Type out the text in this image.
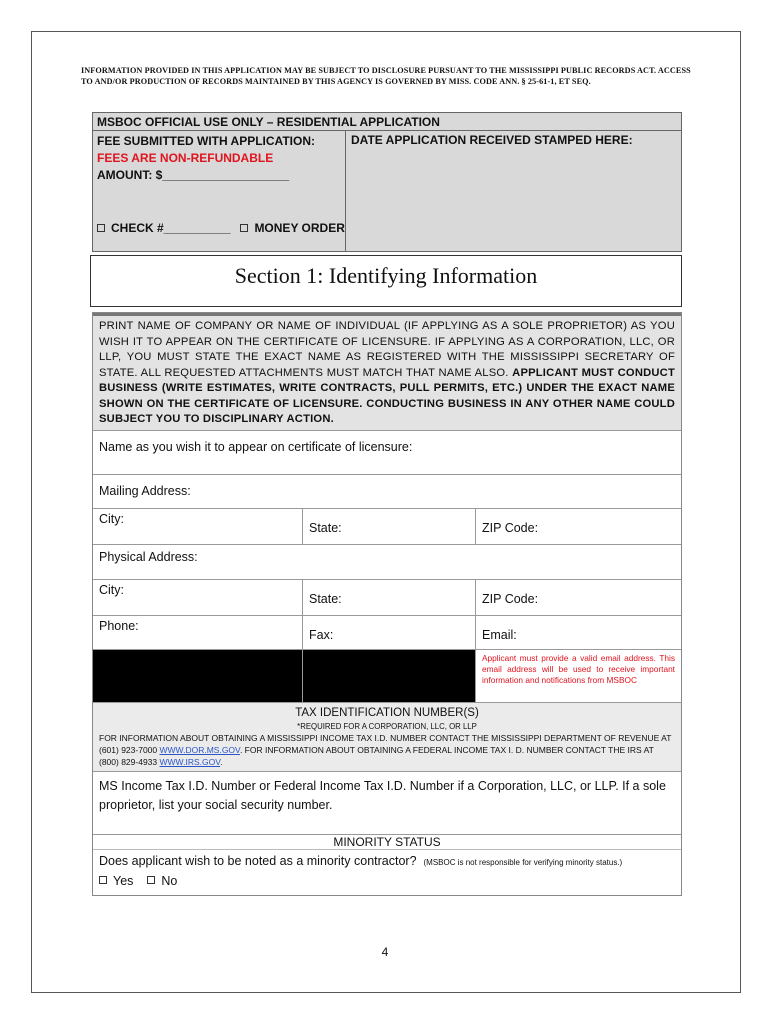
INFORMATION PROVIDED IN THIS APPLICATION MAY BE SUBJECT TO DISCLOSURE PURSUANT TO THE MISSISSIPPI PUBLIC RECORDS ACT. ACCESS TO AND/OR PRODUCTION OF RECORDS MAINTAINED BY THIS AGENCY IS GOVERNED BY MISS. CODE ANN. § 25-61-1, ET SEQ.
MSBOC OFFICIAL USE ONLY – RESIDENTIAL APPLICATION
FEE SUBMITTED WITH APPLICATION:
FEES ARE NON-REFUNDABLE
AMOUNT: $___________________
CHECK #__________ MONEY ORDER
DATE APPLICATION RECEIVED STAMPED HERE:
Section 1: Identifying Information
PRINT NAME OF COMPANY OR NAME OF INDIVIDUAL (IF APPLYING AS A SOLE PROPRIETOR) AS YOU WISH IT TO APPEAR ON THE CERTIFICATE OF LICENSURE. IF APPLYING AS A CORPORATION, LLC, OR LLP, YOU MUST STATE THE EXACT NAME AS REGISTERED WITH THE MISSISSIPPI SECRETARY OF STATE. ALL REQUESTED ATTACHMENTS MUST MATCH THAT NAME ALSO. APPLICANT MUST CONDUCT BUSINESS (WRITE ESTIMATES, WRITE CONTRACTS, PULL PERMITS, ETC.) UNDER THE EXACT NAME SHOWN ON THE CERTIFICATE OF LICENSURE. CONDUCTING BUSINESS IN ANY OTHER NAME COULD SUBJECT YOU TO DISCIPLINARY ACTION.
Name as you wish it to appear on certificate of licensure:
Mailing Address:
City:
State:	ZIP Code:
Physical Address:
City:
State:	ZIP Code:
Phone:
Fax:	Email:
Applicant must provide a valid email address. This email address will be used to receive important information and notifications from MSBOC
TAX IDENTIFICATION NUMBER(S)
*REQUIRED FOR A CORPORATION, LLC, OR LLP
FOR INFORMATION ABOUT OBTAINING A MISSISSIPPI INCOME TAX I.D. NUMBER CONTACT THE MISSISSIPPI DEPARTMENT OF REVENUE AT (601) 923-7000 WWW.DOR.MS.GOV. FOR INFORMATION ABOUT OBTAINING A FEDERAL INCOME TAX I. D. NUMBER CONTACT THE IRS AT (800) 829-4933 WWW.IRS.GOV.
MS Income Tax I.D. Number or Federal Income Tax I.D. Number if a Corporation, LLC, or LLP. If a sole proprietor, list your social security number.
MINORITY STATUS
Does applicant wish to be noted as a minority contractor? (MSBOC is not responsible for verifying minority status.)
Yes No
4
